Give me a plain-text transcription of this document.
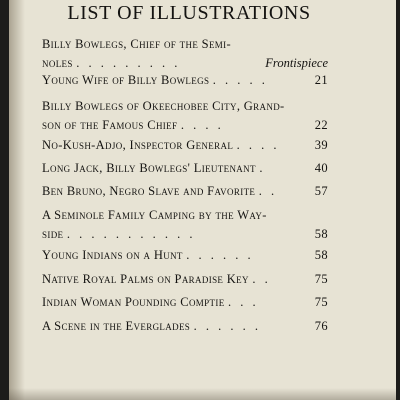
LIST OF ILLUSTRATIONS
Billy Bowlegs, Chief of the Semi-
noles . . . . . . . . .	Frontispiece
Young Wife of Billy Bowlegs . . . . .	21
Billy Bowlegs of Okeechobee City, Grand-
son of the Famous Chief . . . .	22
No-Kush-Adjo, Inspector General . . . .	39
Long Jack, Billy Bowlegs' Lieutenant .	40
Ben Bruno, Negro Slave and Favorite . .	57
A Seminole Family Camping by the Way-
side . . . . . . . . . . .	58
Young Indians on a Hunt . . . . . .	58
Native Royal Palms on Paradise Key . .	75
Indian Woman Pounding Comptie . . .	75
A Scene in the Everglades . . . . . .	76
